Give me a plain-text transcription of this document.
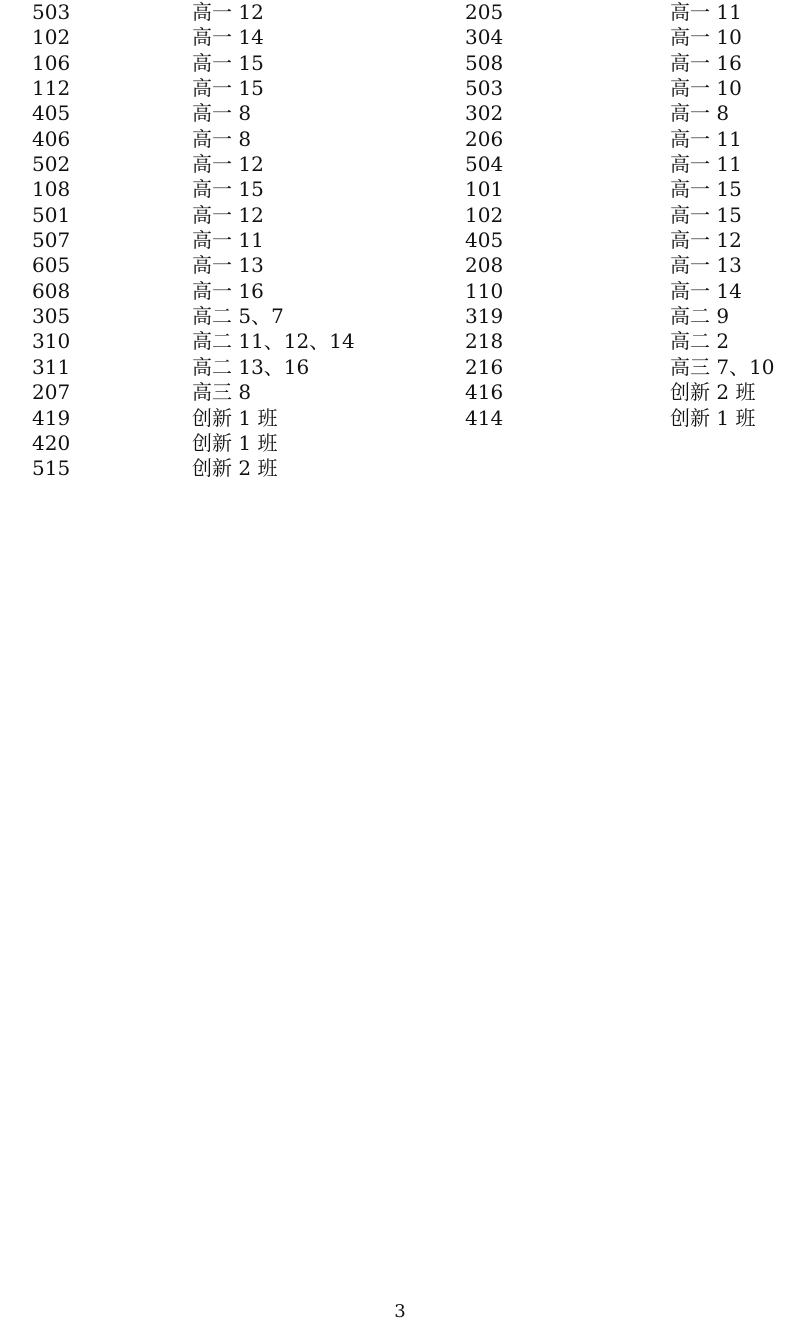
503	高一 12
102	高一 14
106	高一 15
112	高一 15
405	高一 8
406	高一 8
502	高一 12
108	高一 15
501	高一 12
507	高一 11
605	高一 13
608	高一 16
305	高二 5、7
310	高二 11、12、14
311	高二 13、16
207	高三 8
419	创新 1 班
420	创新 1 班
515	创新 2 班
205	高一 11
304	高一 10
508	高一 16
503	高一 10
302	高一 8
206	高一 11
504	高一 11
101	高一 15
102	高一 15
405	高一 12
208	高一 13
110	高一 14
319	高二 9
218	高二 2
216	高三 7、10
416	创新 2 班
414	创新 1 班
3
